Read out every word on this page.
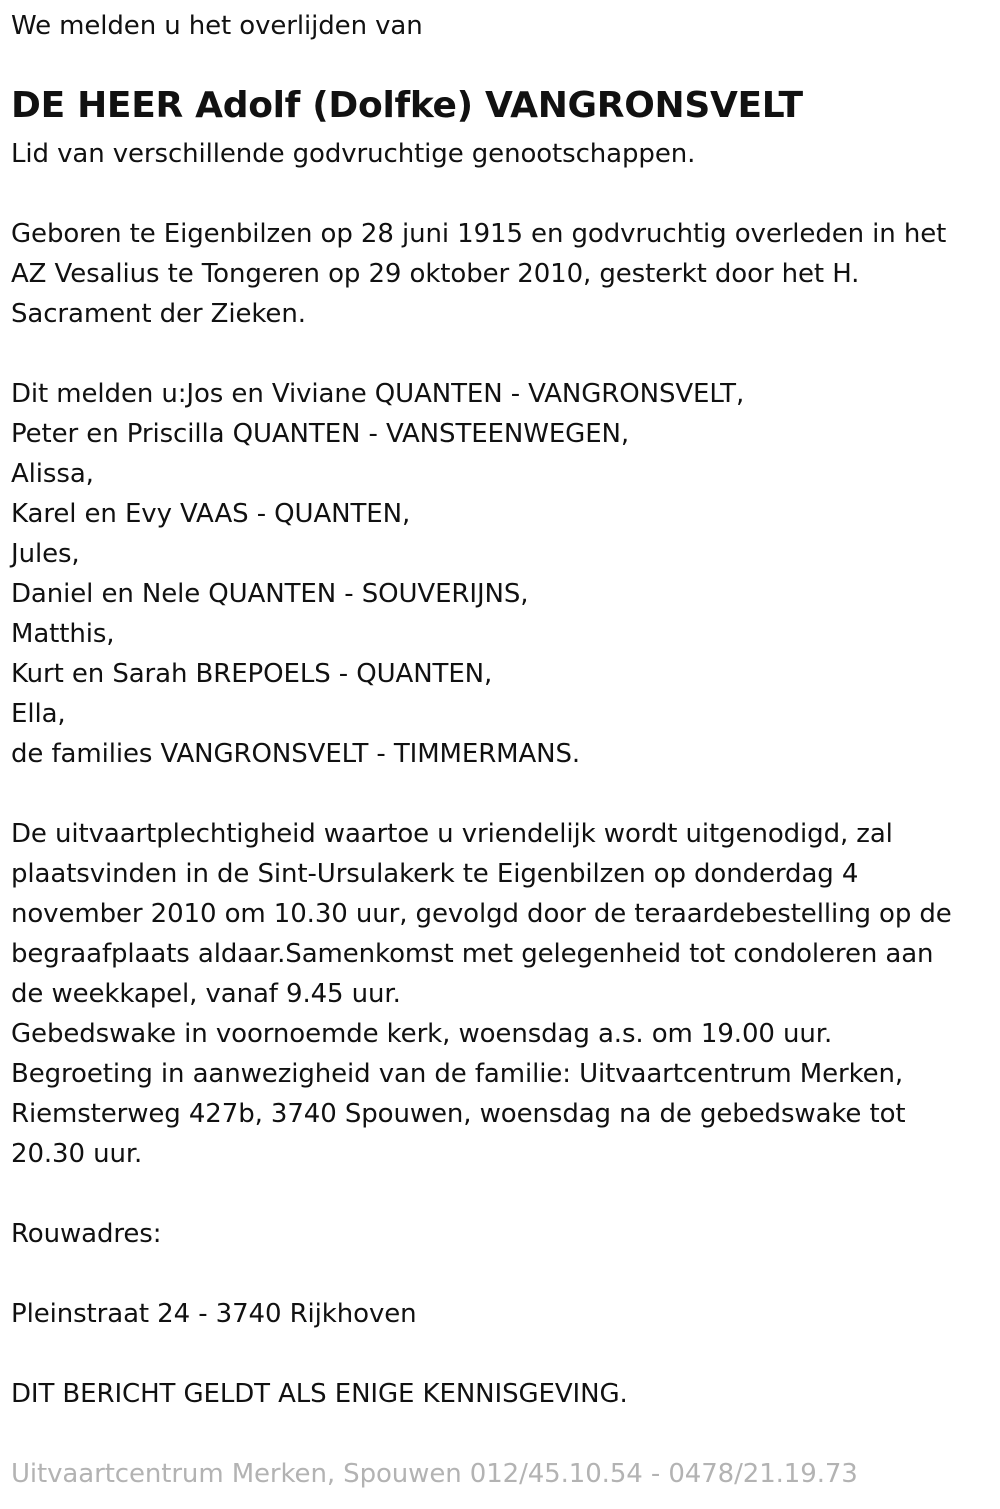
We melden u het overlijden van
DE HEER Adolf (Dolfke) VANGRONSVELT
Lid van verschillende godvruchtige genootschappen.
Geboren te Eigenbilzen op 28 juni 1915 en godvruchtig overleden in het
AZ Vesalius te Tongeren op 29 oktober 2010, gesterkt door het H.
Sacrament der Zieken.
Dit melden u:Jos en Viviane QUANTEN - VANGRONSVELT,
Peter en Priscilla QUANTEN - VANSTEENWEGEN,
Alissa,
Karel en Evy VAAS - QUANTEN,
Jules,
Daniel en Nele QUANTEN - SOUVERIJNS,
Matthis,
Kurt en Sarah BREPOELS - QUANTEN,
Ella,
de families VANGRONSVELT - TIMMERMANS.
De uitvaartplechtigheid waartoe u vriendelijk wordt uitgenodigd, zal
plaatsvinden in de Sint-Ursulakerk te Eigenbilzen op donderdag 4
november 2010 om 10.30 uur, gevolgd door de teraardebestelling op de
begraafplaats aldaar.Samenkomst met gelegenheid tot condoleren aan
de weekkapel, vanaf 9.45 uur.
Gebedswake in voornoemde kerk, woensdag a.s. om 19.00 uur.
Begroeting in aanwezigheid van de familie: Uitvaartcentrum Merken,
Riemsterweg 427b, 3740 Spouwen, woensdag na de gebedswake tot
20.30 uur.
Rouwadres:
Pleinstraat 24 - 3740 Rijkhoven
DIT BERICHT GELDT ALS ENIGE KENNISGEVING.
Uitvaartcentrum Merken, Spouwen 012/45.10.54 - 0478/21.19.73
